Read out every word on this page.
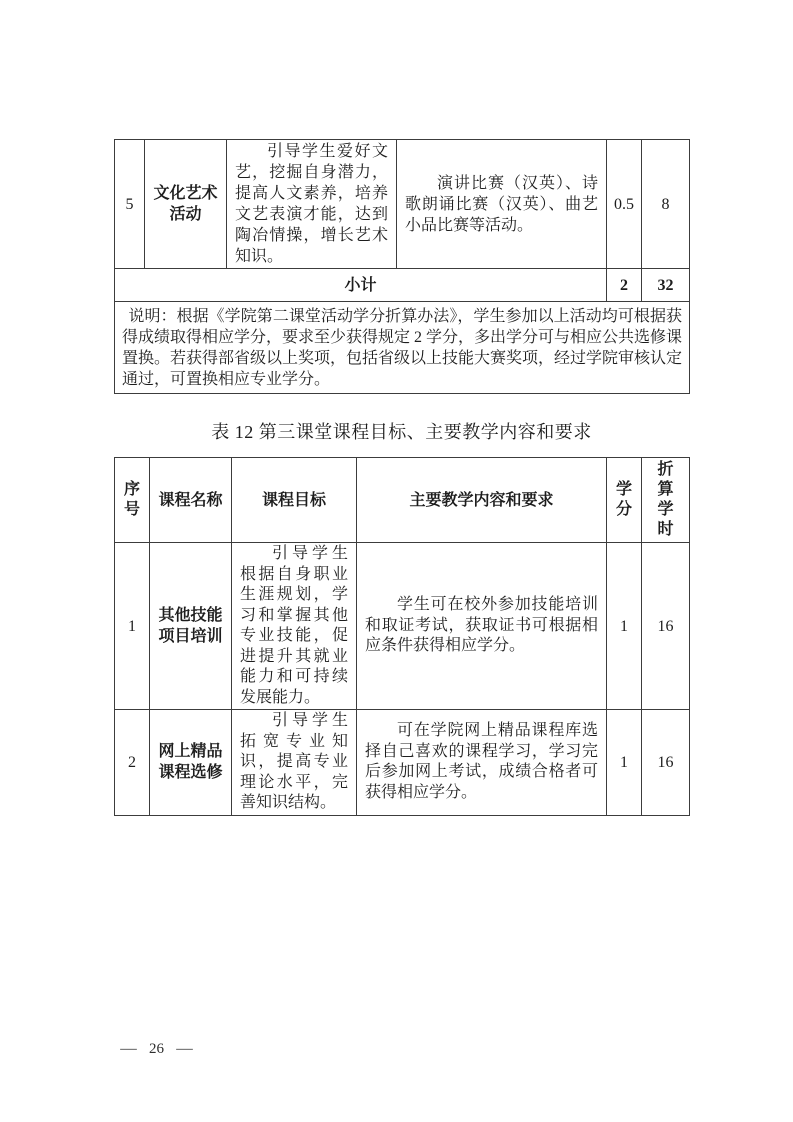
5	文化艺术活动	引导学生爱好文艺，挖掘自身潜力，提高人文素养，培养文艺表演才能，达到陶冶情操，增长艺术知识。	演讲比赛（汉英）、诗歌朗诵比赛（汉英）、曲艺小品比赛等活动。	0.5	8
小计				2	32
说明：根据《学院第二课堂活动学分折算办法》，学生参加以上活动均可根据获得成绩取得相应学分，要求至少获得规定 2 学分，多出学分可与相应公共选修课置换。若获得部省级以上奖项，包括省级以上技能大赛奖项，经过学院审核认定通过，可置换相应专业学分。					
表 12 第三课堂课程目标、主要教学内容和要求
序号	课程名称	课程目标	主要教学内容和要求	学分	折算学时
1	其他技能项目培训	引导学生根据自身职业生涯规划，学习和掌握其他专业技能，促进提升其就业能力和可持续发展能力。	学生可在校外参加技能培训和取证考试，获取证书可根据相应条件获得相应学分。	1	16
2	网上精品课程选修	引导学生拓宽专业知识，提高专业理论水平，完善知识结构。	可在学院网上精品课程库选择自己喜欢的课程学习，学习完后参加网上考试，成绩合格者可获得相应学分。	1	16
— 26 —
